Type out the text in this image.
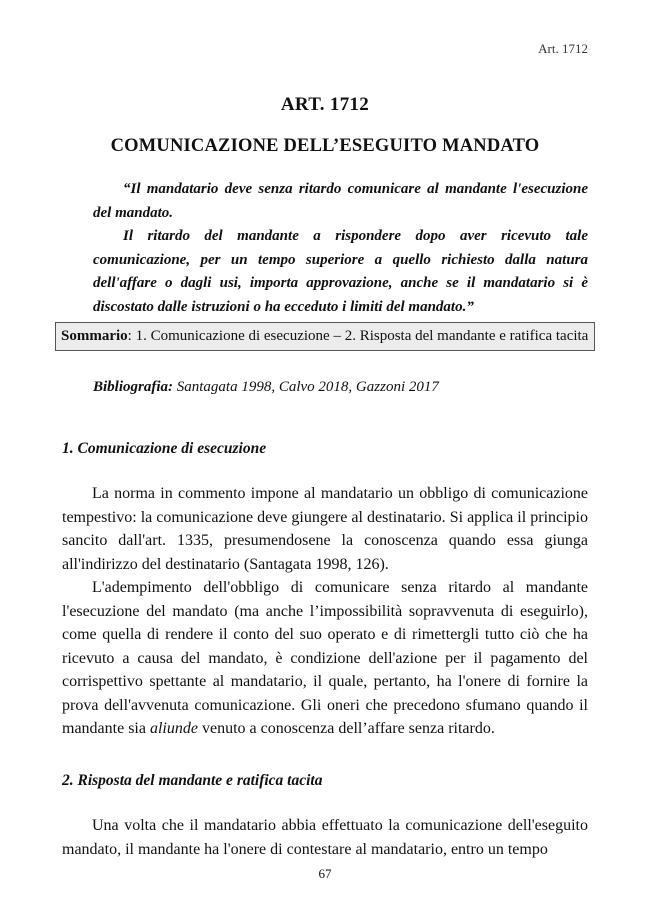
Art. 1712
ART. 1712
COMUNICAZIONE DELL’ESEGUITO MANDATO

“Il mandatario deve senza ritardo comunicare al mandante l'esecuzione del mandato.

Il ritardo del mandante a rispondere dopo aver ricevuto tale comunicazione, per un tempo superiore a quello richiesto dalla natura dell'affare o dagli usi, importa approvazione, anche se il mandatario si è discostato dalle istruzioni o ha ecceduto i limiti del mandato.”

Sommario: 1. Comunicazione di esecuzione – 2. Risposta del mandante e ratifica tacita
Bibliografia: Santagata 1998, Calvo 2018, Gazzoni 2017
1. Comunicazione di esecuzione

La norma in commento impone al mandatario un obbligo di comunicazione tempestivo: la comunicazione deve giungere al destinatario. Si applica il principio sancito dall'art. 1335, presumendosene la conoscenza quando essa giunga all'indirizzo del destinatario (Santagata 1998, 126).

L'adempimento dell'obbligo di comunicare senza ritardo al mandante l'esecuzione del mandato (ma anche l’impossibilità sopravvenuta di eseguirlo), come quella di rendere il conto del suo operato e di rimettergli tutto ciò che ha ricevuto a causa del mandato, è condizione dell'azione per il pagamento del corrispettivo spettante al mandatario, il quale, pertanto, ha l'onere di fornire la prova dell'avvenuta comunicazione. Gli oneri che precedono sfumano quando il mandante sia aliunde venuto a conoscenza dell’affare senza ritardo.

2. Risposta del mandante e ratifica tacita

Una volta che il mandatario abbia effettuato la comunicazione dell'eseguito mandato, il mandante ha l'onere di contestare al mandatario, entro un tempo

67
